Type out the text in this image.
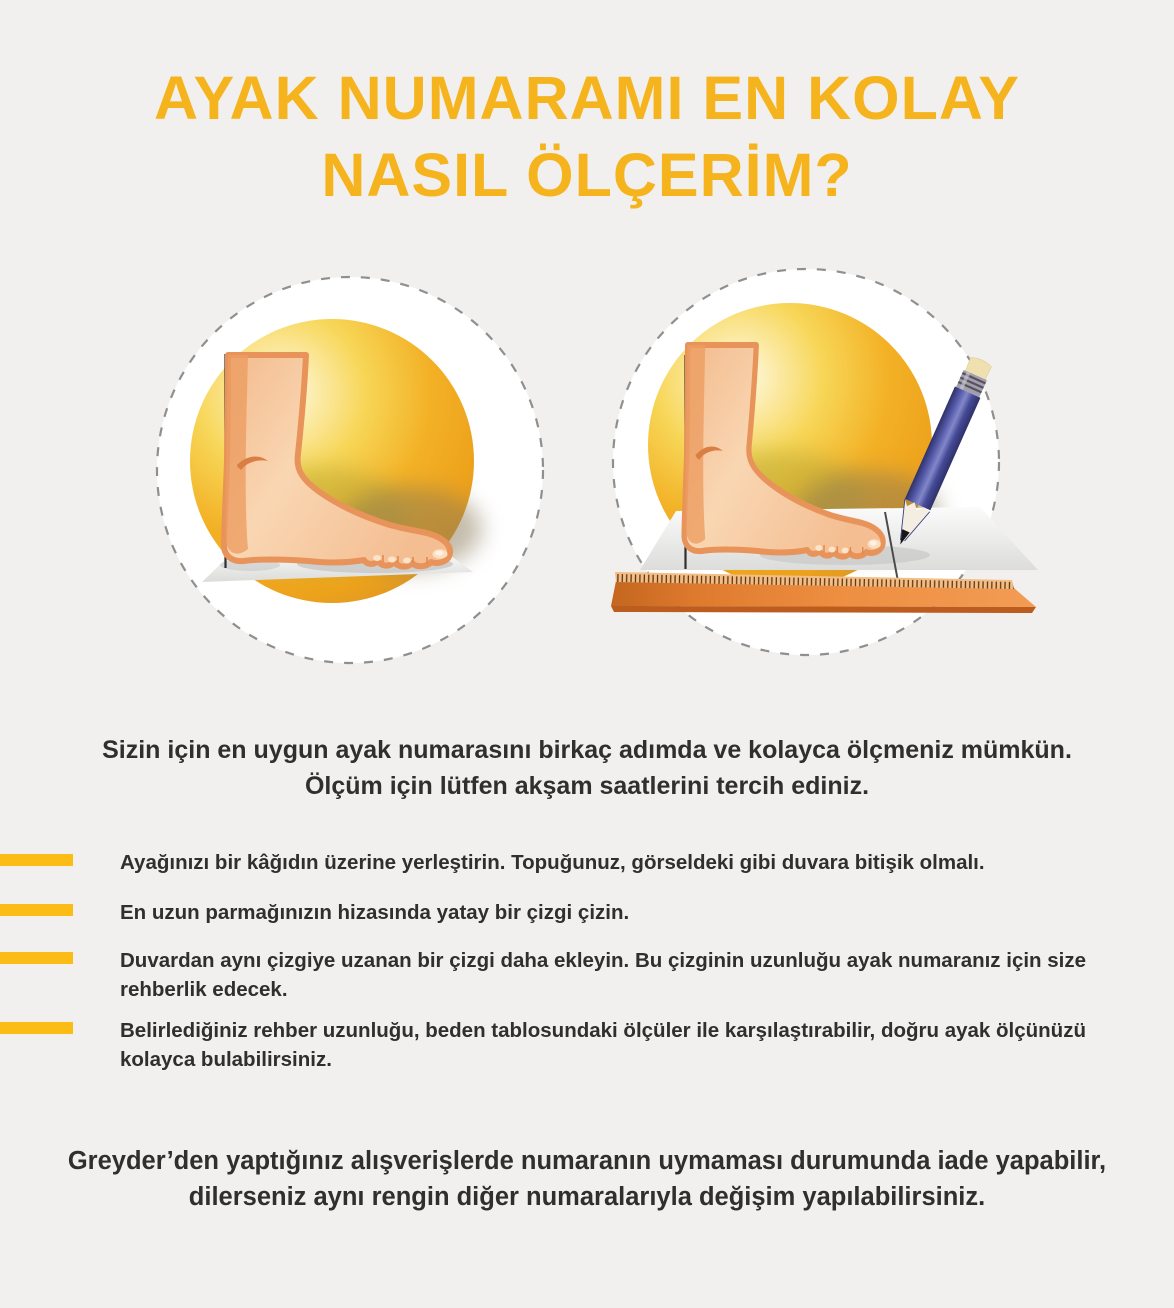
AYAK NUMARAMI EN KOLAY
NASIL ÖLÇERİM?
Sizin için en uygun ayak numarasını birkaç adımda ve kolayca ölçmeniz mümkün.
Ölçüm için lütfen akşam saatlerini tercih ediniz.

Ayağınızı bir kâğıdın üzerine yerleştirin. Topuğunuz, görseldeki gibi duvara bitişik olmalı.

En uzun parmağınızın hizasında yatay bir çizgi çizin.

Duvardan aynı çizgiye uzanan bir çizgi daha ekleyin. Bu çizginin uzunluğu ayak numaranız için size rehberlik edecek.

Belirlediğiniz rehber uzunluğu, beden tablosundaki ölçüler ile karşılaştırabilir, doğru ayak ölçünüzü kolayca bulabilirsiniz.

Greyder’den yaptığınız alışverişlerde numaranın uymaması durumunda iade yapabilir,
dilerseniz aynı rengin diğer numaralarıyla değişim yapılabilirsiniz.
